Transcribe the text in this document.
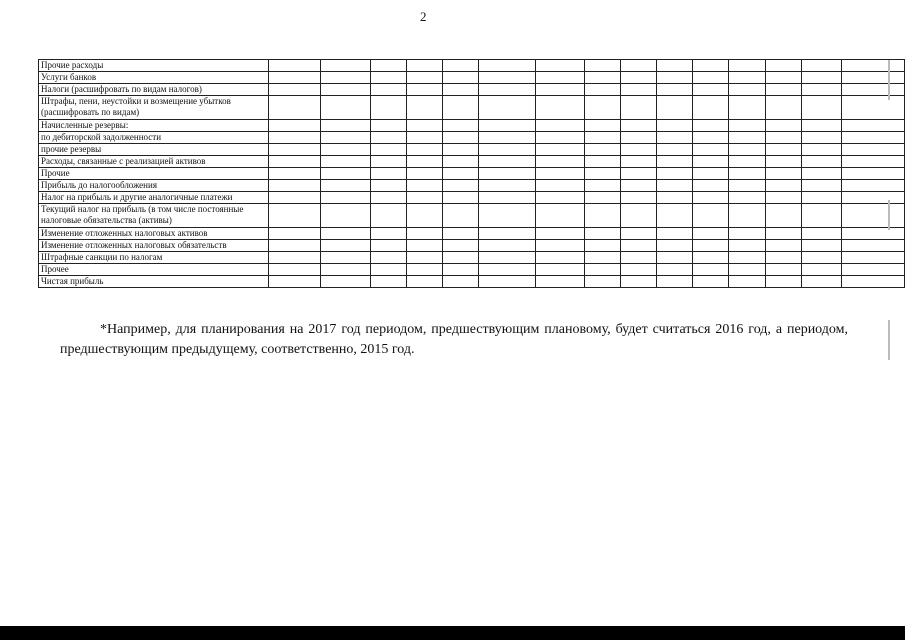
2
Прочие расходы															
Услуги банков															
Налоги (расшифровать по видам налогов)															
Штрафы, пени, неустойки и возмещение убытков (расшифровать по видам)															
Начисленные резервы:															
по дебиторской задолженности															
прочие резервы															
Расходы, связанные с реализацией активов															
Прочие															
Прибыль до налогообложения															
Налог на прибыль и другие аналогичные платежи															
Текущий налог на прибыль (в том числе постоянные налоговые обязательства (активы)															
Изменение отложенных налоговых активов															
Изменение отложенных налоговых обязательств															
Штрафные санкции по налогам															
Прочее															
Чистая прибыль															
*Например, для планирования на 2017 год периодом, предшествующим плановому, будет считаться 2016 год, а периодом, предшествующим предыдущему, соответственно, 2015 год.
